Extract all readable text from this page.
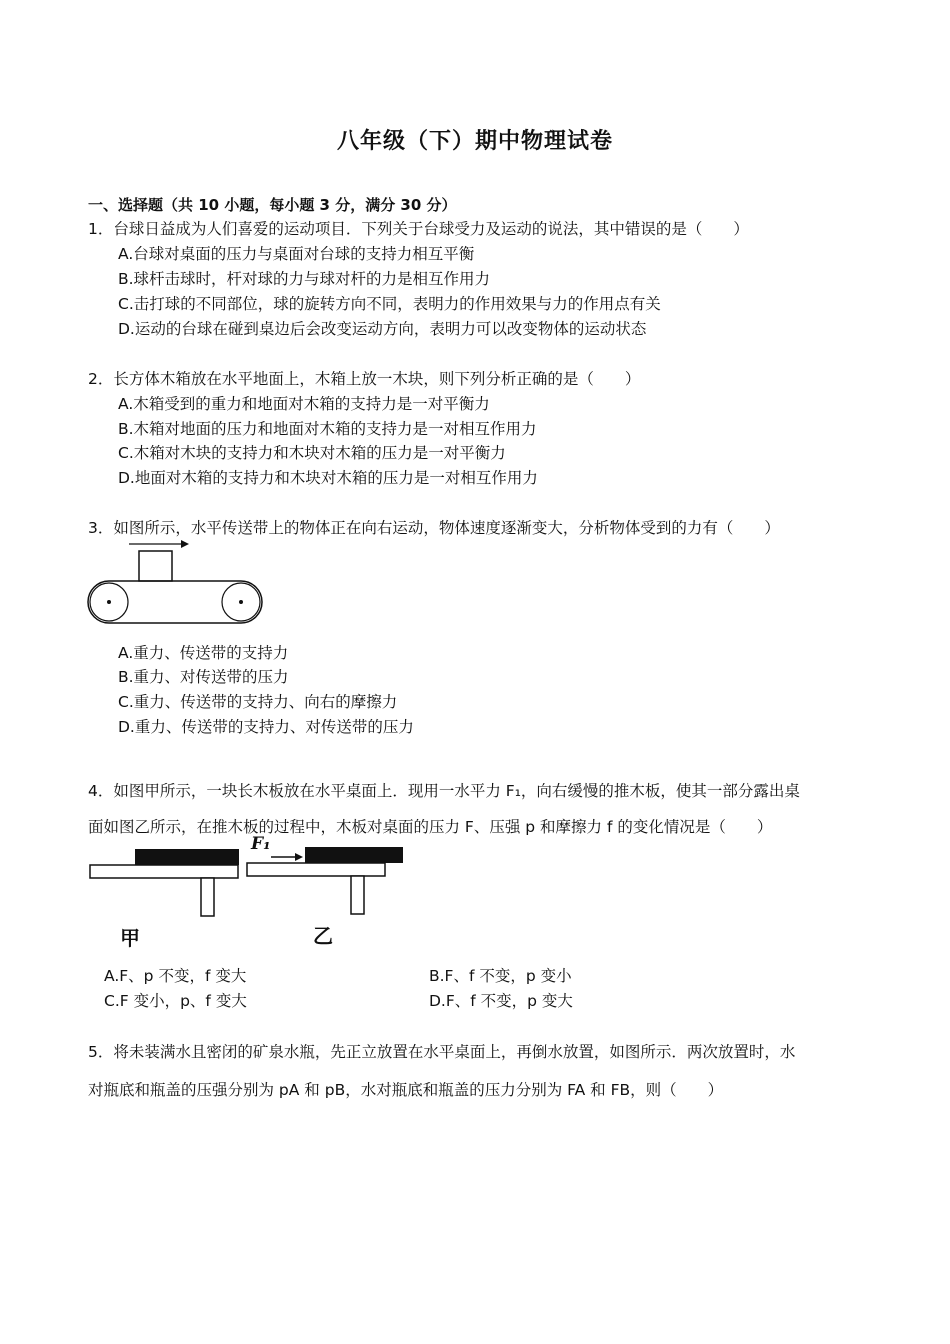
八年级（下）期中物理试卷
一、选择题（共 10 小题，每小题 3 分，满分 30 分）
1．台球日益成为人们喜爱的运动项目．下列关于台球受力及运动的说法，其中错误的是（　　）
A.台球对桌面的压力与桌面对台球的支持力相互平衡
B.球杆击球时，杆对球的力与球对杆的力是相互作用力
C.击打球的不同部位，球的旋转方向不同，表明力的作用效果与力的作用点有关
D.运动的台球在碰到桌边后会改变运动方向，表明力可以改变物体的运动状态
2．长方体木箱放在水平地面上，木箱上放一木块，则下列分析正确的是（　　）
A.木箱受到的重力和地面对木箱的支持力是一对平衡力
B.木箱对地面的压力和地面对木箱的支持力是一对相互作用力
C.木箱对木块的支持力和木块对木箱的压力是一对平衡力
D.地面对木箱的支持力和木块对木箱的压力是一对相互作用力
3．如图所示，水平传送带上的物体正在向右运动，物体速度逐渐变大，分析物体受到的力有（　　）
A.重力、传送带的支持力
B.重力、对传送带的压力
C.重力、传送带的支持力、向右的摩擦力
D.重力、传送带的支持力、对传送带的压力
4．如图甲所示，一块长木板放在水平桌面上．现用一水平力 F₁，向右缓慢的推木板，使其一部分露出桌
面如图乙所示，在推木板的过程中，木板对桌面的压力 F、压强 p 和摩擦力 f 的变化情况是（　　）
F₁
甲	乙
A.F、p 不变，f 变大	B.F、f 不变，p 变小
C.F 变小，p、f 变大	D.F、f 不变，p 变大
5．将未装满水且密闭的矿泉水瓶，先正立放置在水平桌面上，再倒水放置，如图所示．两次放置时，水
对瓶底和瓶盖的压强分别为 pA 和 pB，水对瓶底和瓶盖的压力分别为 FA 和 FB，则（　　）
